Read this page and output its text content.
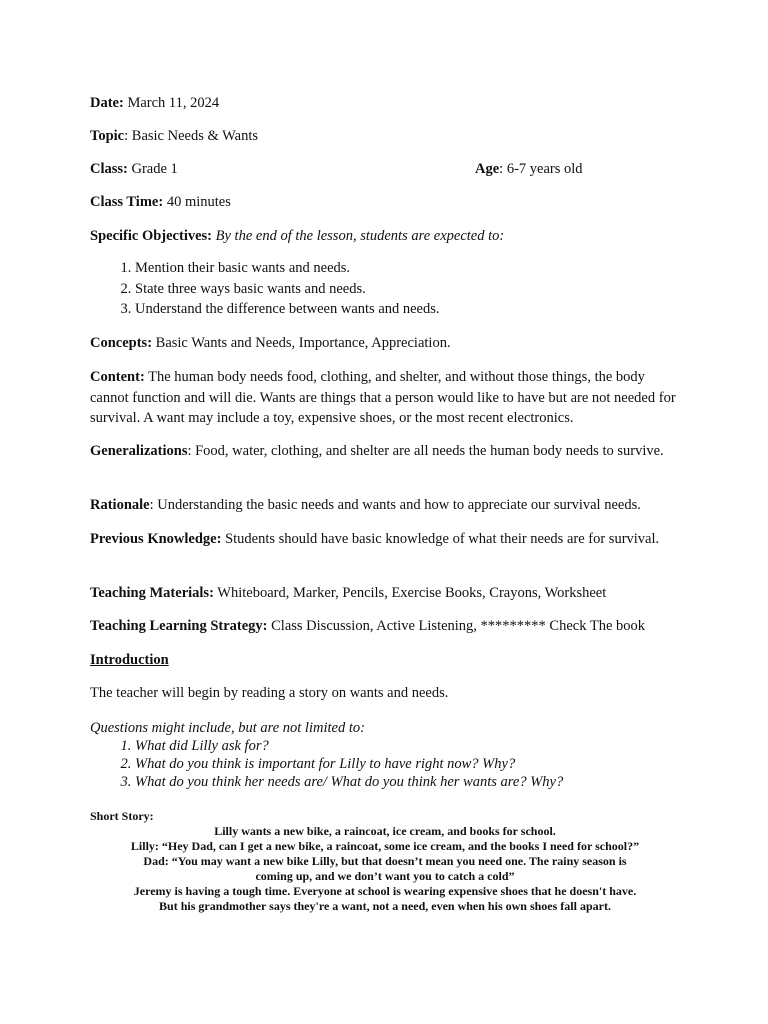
Date: March 11, 2024
Topic: Basic Needs & Wants
Class: Grade 1	Age: 6-7 years old
Class Time: 40 minutes
Specific Objectives: By the end of the lesson, students are expected to:
1. Mention their basic wants and needs.
2. State three ways basic wants and needs.
3. Understand the difference between wants and needs.
Concepts: Basic Wants and Needs, Importance, Appreciation.
Content: The human body needs food, clothing, and shelter, and without those things, the body cannot function and will die. Wants are things that a person would like to have but are not needed for survival. A want may include a toy, expensive shoes, or the most recent electronics.
Generalizations: Food, water, clothing, and shelter are all needs the human body needs to survive.
Rationale: Understanding the basic needs and wants and how to appreciate our survival needs.
Previous Knowledge: Students should have basic knowledge of what their needs are for survival.
Teaching Materials: Whiteboard, Marker, Pencils, Exercise Books, Crayons, Worksheet
Teaching Learning Strategy: Class Discussion, Active Listening, ********* Check The book
Introduction
The teacher will begin by reading a story on wants and needs.
Questions might include, but are not limited to:
1. What did Lilly ask for?
2. What do you think is important for Lilly to have right now? Why?
3. What do you think her needs are/ What do you think her wants are? Why?
Short Story:
Lilly wants a new bike, a raincoat, ice cream, and books for school.
Lilly: “Hey Dad, can I get a new bike, a raincoat, some ice cream, and the books I need for school?”
Dad: “You may want a new bike Lilly, but that doesn’t mean you need one. The rainy season is
coming up, and we don’t want you to catch a cold”
Jeremy is having a tough time. Everyone at school is wearing expensive shoes that he doesn't have.
But his grandmother says they're a want, not a need, even when his own shoes fall apart.
